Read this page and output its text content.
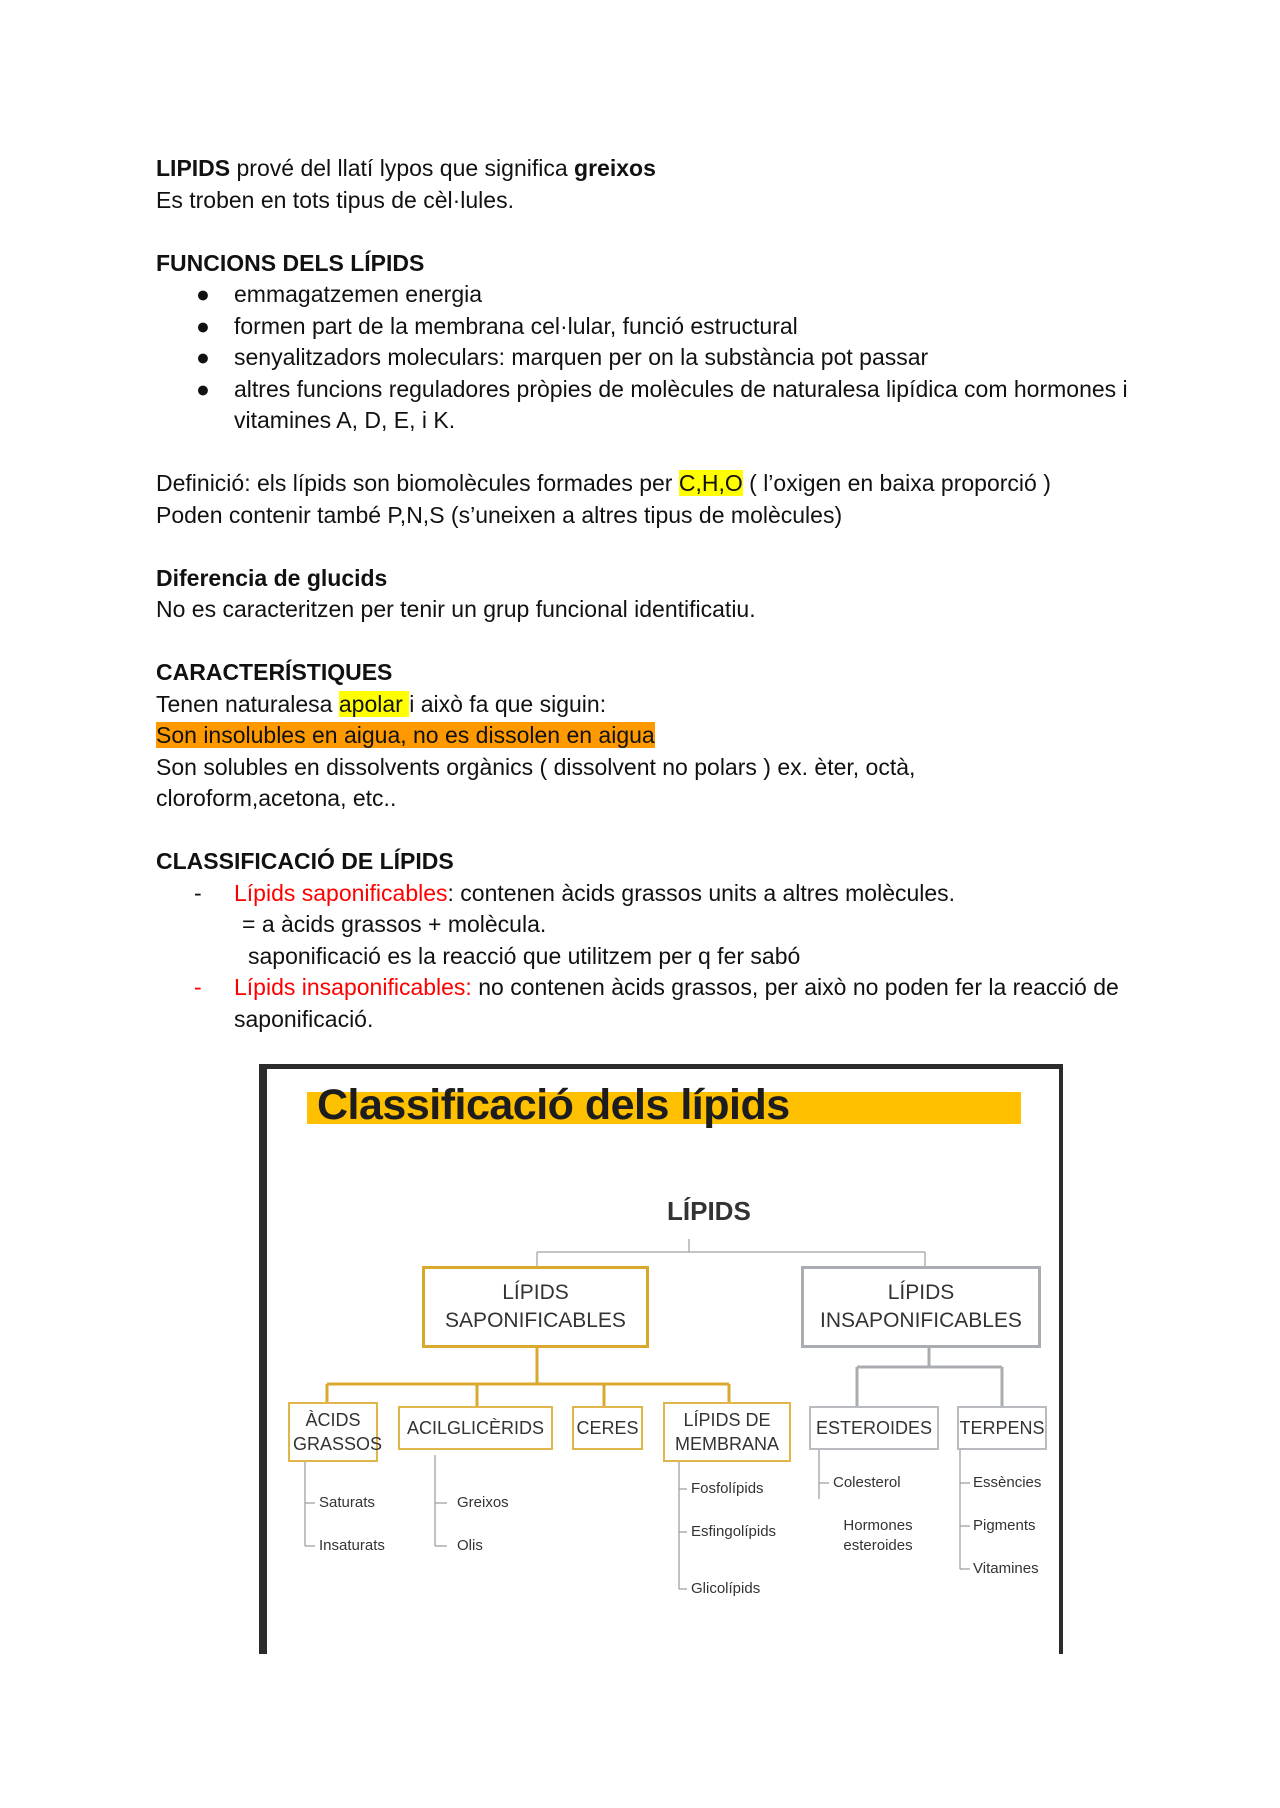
LIPIDS prové del llatí lypos que significa greixos

Es troben en tots tipus de cèl·lules.

FUNCIONS DELS LÍPIDS

● emmagatzemen energia
● formen part de la membrana cel·lular, funció estructural
● senyalitzadors moleculars: marquen per on la substància pot passar
● altres funcions reguladores pròpies de molècules de naturalesa lipídica com hormones i vitamines A, D, E, i K.

Definició: els lípids son biomolècules formades per C,H,O ( l’oxigen en baixa proporció )

Poden contenir també P,N,S (s’uneixen a altres tipus de molècules)

Diferencia de glucids

No es caracteritzen per tenir un grup funcional identificatiu.

CARACTERÍSTIQUES

Tenen naturalesa apolar i això fa que siguin:

Son insolubles en aigua, no es dissolen en aigua

Son solubles en dissolvents orgànics ( dissolvent no polars ) ex. èter, octà, cloroform,acetona, etc..

CLASSIFICACIÓ DE LÍPIDS

- Lípids saponificables: contenen àcids grassos units a altres molècules.

= a àcids grassos + molècula.

saponificació es la reacció que utilitzem per q fer sabó

- Lípids insaponificables: no contenen àcids grassos, per això no poden fer la reacció de saponificació.
Classificació dels lípids
LÍPIDS
LÍPIDS SAPONIFICABLES
LÍPIDS INSAPONIFICABLES
ÀCIDS GRASSOS
ACILGLICÈRIDS CERES	LÍPIDS DE MEMBRANA
ESTEROIDES TERPENS
Saturats
Insaturats
Greixos
Olis
Fosfolípids
Esfingolípids
Glicolípids
Colesterol
Hormones esteroides
Essències
Pigments
Vitamines
